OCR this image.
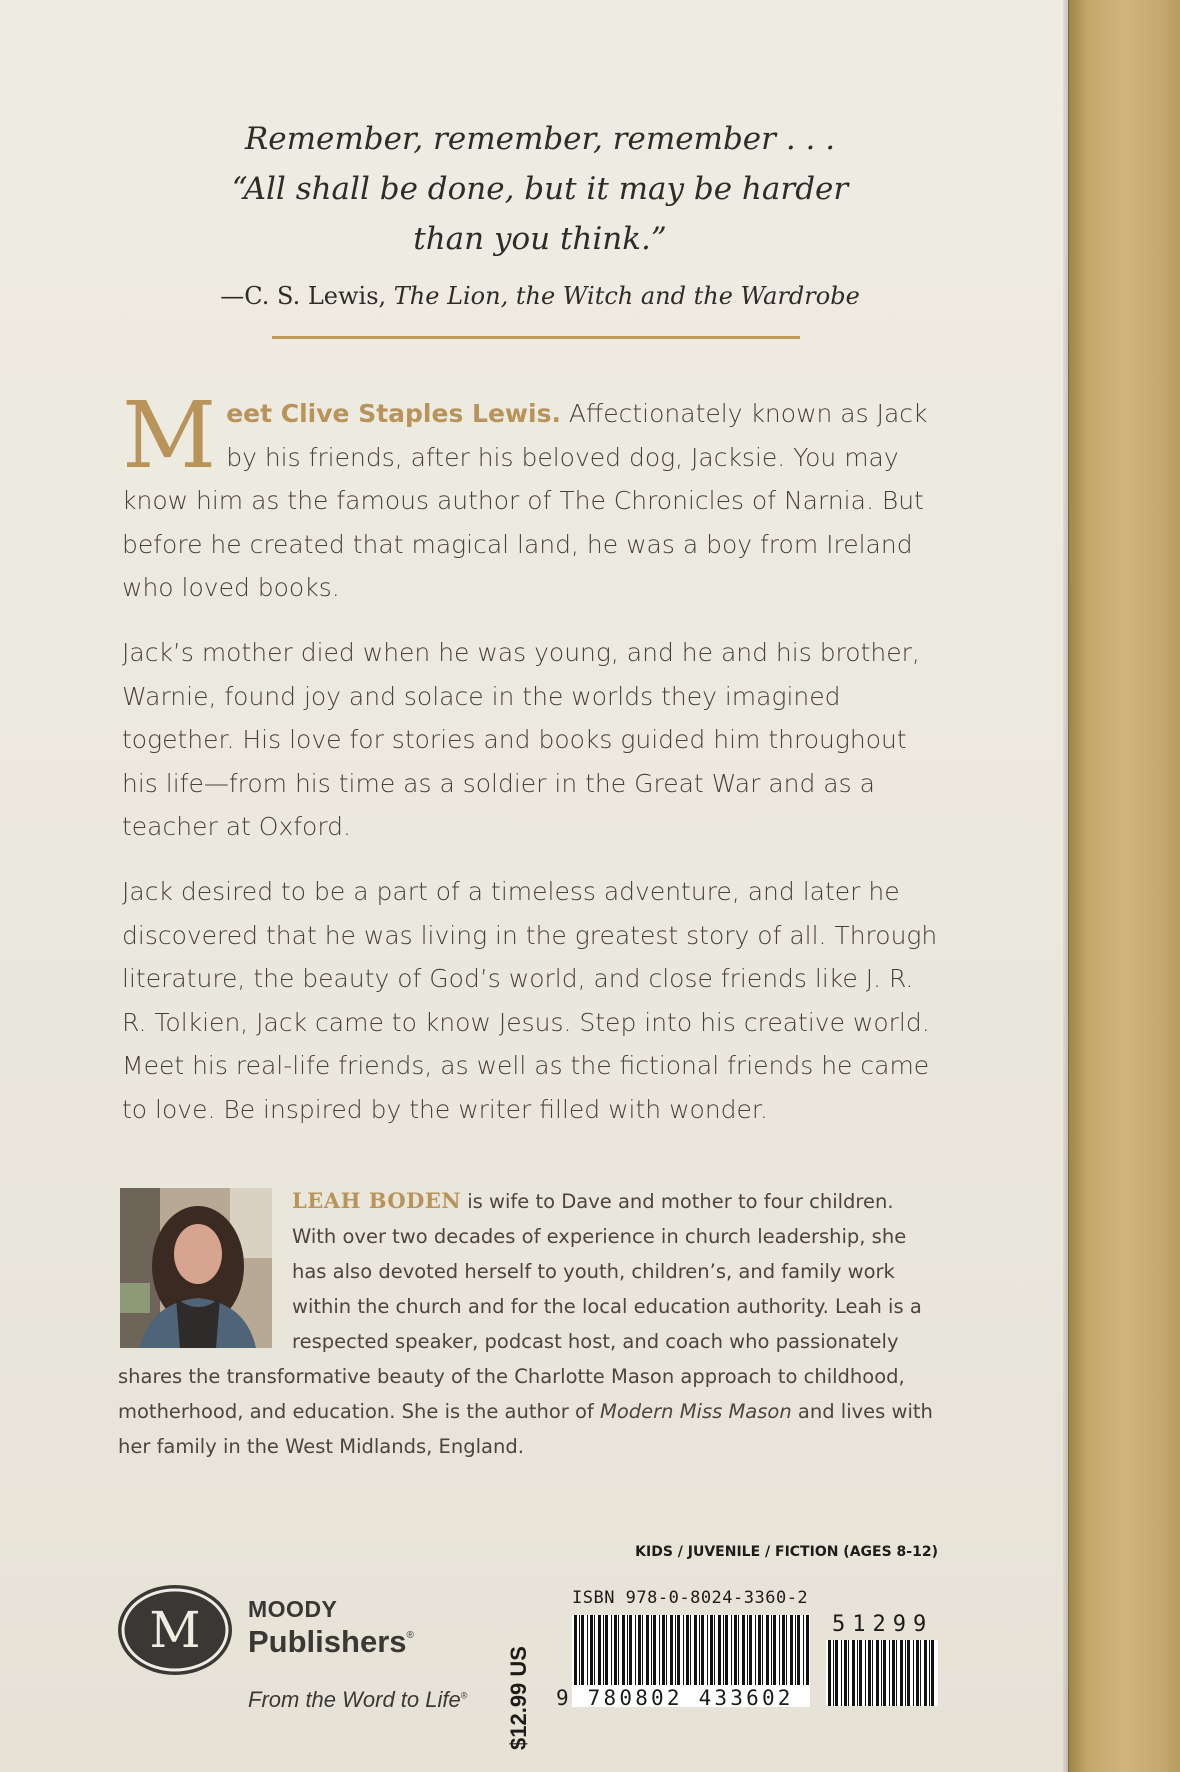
Remember, remember, remember . . .
“All shall be done, but it may be harder
than you think.”
—C. S. Lewis, The Lion, the Witch and the Wardrobe
Meet Clive Staples Lewis. Affectionately known as Jack by his friends, after his beloved dog, Jacksie. You may know him as the famous author of The Chronicles of Narnia. But before he created that magical land, he was a boy from Ireland who loved books.
Jack’s mother died when he was young, and he and his brother, Warnie, found joy and solace in the worlds they imagined together. His love for stories and books guided him throughout his life—from his time as a soldier in the Great War and as a teacher at Oxford.
Jack desired to be a part of a timeless adventure, and later he discovered that he was living in the greatest story of all. Through literature, the beauty of God’s world, and close friends like J. R. R. Tolkien, Jack came to know Jesus. Step into his creative world. Meet his real-life friends, as well as the fictional friends he came to love. Be inspired by the writer filled with wonder.
LEAH BODEN is wife to Dave and mother to four children. With over two decades of experience in church leadership, she has also devoted herself to youth, children’s, and family work within the church and for the local education authority. Leah is a respected speaker, podcast host, and coach who passionately shares the transformative beauty of the Charlotte Mason approach to childhood, motherhood, and education. She is the author of Modern Miss Mason and lives with her family in the West Midlands, England.
KIDS / JUVENILE / FICTION (AGES 8-12)
M MOODY
Publishers®
From the Word to Life® $12.99 US
ISBN 978-0-8024-3360-2
9 780802 433602
51299
